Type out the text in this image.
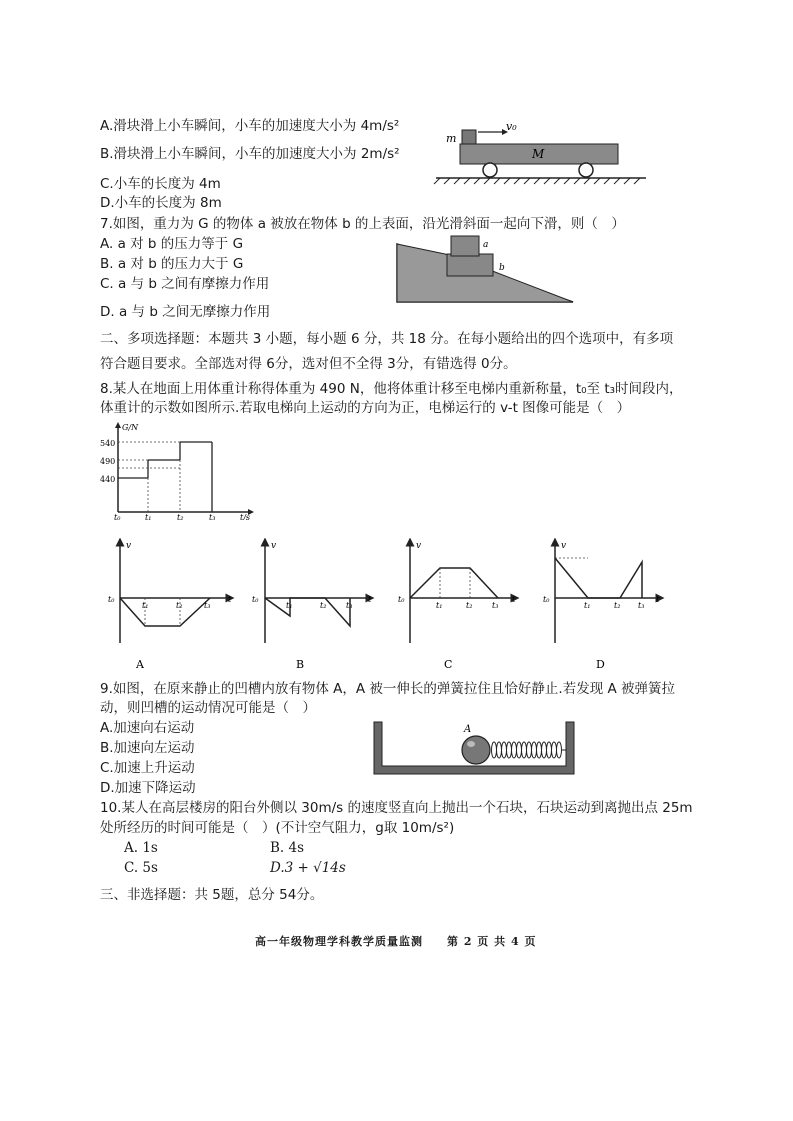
A.滑块滑上小车瞬间，小车的加速度大小为 4m/s²
B.滑块滑上小车瞬间，小车的加速度大小为 2m/s²
C.小车的长度为 4m
D.小车的长度为 8m
m
v₀
M
7.如图，重力为 G 的物体 a 被放在物体 b 的上表面，沿光滑斜面一起向下滑，则（　）
A. a 对 b 的压力等于 G
B. a 对 b 的压力大于 G
C. a 与 b 之间有摩擦力作用
D. a 与 b 之间无摩擦力作用
a
b
二、多项选择题：本题共 3 小题，每小题 6 分，共 18 分。在每小题给出的四个选项中，有多项
符合题目要求。全部选对得 6分，选对但不全得 3分，有错选得 0分。
8.某人在地面上用体重计称得体重为 490 N，他将体重计移至电梯内重新称量，t₀至 t₃时间段内，
体重计的示数如图所示.若取电梯向上运动的方向为正，电梯运行的 v-t 图像可能是（　）
G/N
540
490
440
t₀	t₁	t₂	t₃	t/s
v
t₀
t₁	t₂	t₃
t
A
v
t₀
t₁	t₂ t₃
t
B
v
t₀
t₁	t₂ t₃
t
C
v
t₀
t₁	t₂ t₃
t
D
9.如图，在原来静止的凹槽内放有物体 A，A 被一伸长的弹簧拉住且恰好静止.若发现 A 被弹簧拉
动，则凹槽的运动情况可能是（　）
A.加速向右运动
B.加速向左运动
C.加速上升运动
D.加速下降运动
A
10.某人在高层楼房的阳台外侧以 30m/s 的速度竖直向上抛出一个石块，石块运动到离抛出点 25m
处所经历的时间可能是（　）(不计空气阻力，g取 10m/s²)
A. 1s	B. 4s
C. 5s	D.3 + √14s
三、非选择题：共 5题，总分 54分。
高一年级物理学科教学质量监测　　第 2 页 共 4 页
